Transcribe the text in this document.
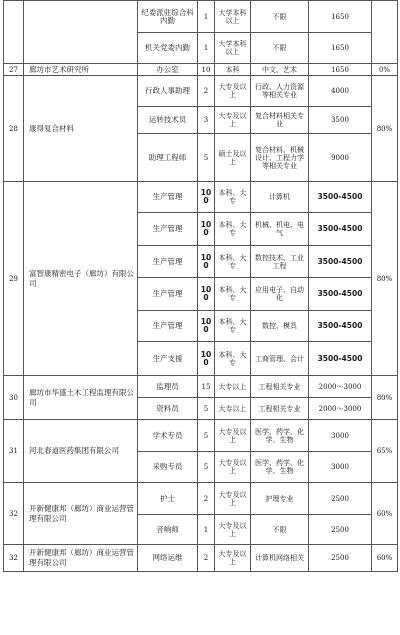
		纪委派驻综合科内勤	1	大学本科以上	不限	1650	
		机关党委内勤	1	大学本科以上	不限	1650	
27	廊坊市艺术研究所	办公室	10	本科	中文、艺术	1650	0%
28	康得复合材料	行政人事助理	2	大专及以上	行政、人力资源等相关专业	4000	80%
		运转技术员	3	大专及以上	复合材料相关专业	3500	
		助理工程师	5	硕士及以上	复合材料、机械设计、工程力学等相关专业	9000	
29	富智康精密电子（廊坊）有限公司	生产管理	100	本科、大专	计算机	3500-4500	80%
		生产管理	100	本科、大专	机械、机电、电气	3500-4500	
		生产管理	100	本科、大专	数控技术、工业工程	3500-4500	
		生产管理	100	本科、大专	应用电子、自动化	3500-4500	
		生产管理	100	本科、大专	数控、模具	3500-4500	
		生产支援	100	本科、大专	工商管理、会计	3500-4500	
30	廊坊市华盛土木工程监理有限公司	监理员	15	大专以上	工程相关专业	2000～3000	80%
		资料员	5	大专以上	工程相关专业	2000～3000	
31	河北春道医药集团有限公司	学术专员	5	大专及以上	医学、药学、化学、生物	3000	65%
		采购专员	5	大专及以上	医学、药学、化学、生物	3000	
32	开新健康邦（廊坊）商业运营管理有限公司	护士	2	大专及以上	护理专业	2500	60%
		音响师	1	大专及以上	不限	2500	
32	开新健康邦（廊坊）商业运营管理有限公司	网络运维	2	大专及以上	计算机网络相关	2500	60%
